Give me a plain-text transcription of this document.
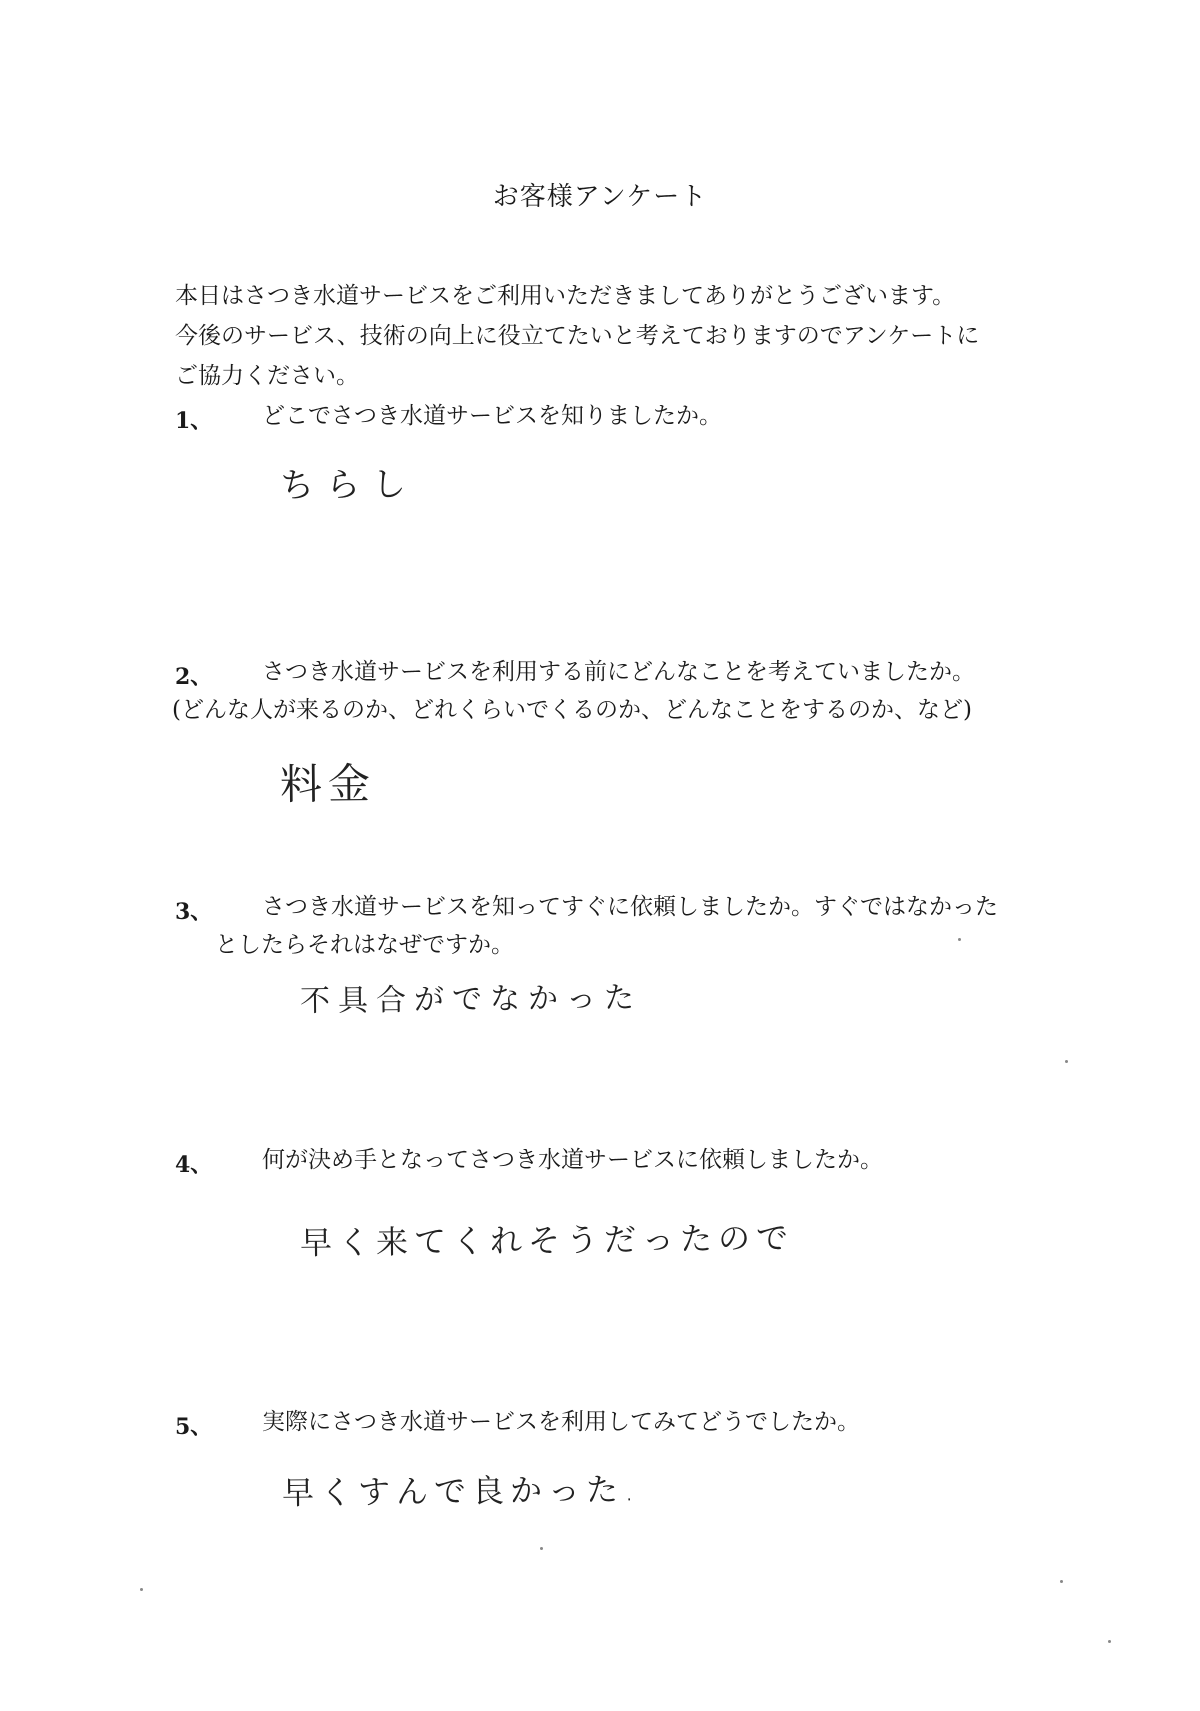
お客様アンケート

本日はさつき水道サービスをご利用いただきましてありがとうございます。

今後のサービス、技術の向上に役立てたいと考えておりますのでアンケートに

ご協力ください。

1、 どこでさつき水道サービスを知りましたか。
ちらし
2、 さつき水道サービスを利用する前にどんなことを考えていましたか。
(どんな人が来るのか、どれくらいでくるのか、どんなことをするのか、など)
料金
3、 さつき水道サービスを知ってすぐに依頼しましたか。すぐではなかった
としたらそれはなぜですか。
不具合がでなかった
4、 何が決め手となってさつき水道サービスに依頼しましたか。
早く来てくれそうだったので
5、 実際にさつき水道サービスを利用してみてどうでしたか。
早くすんで良かった.
